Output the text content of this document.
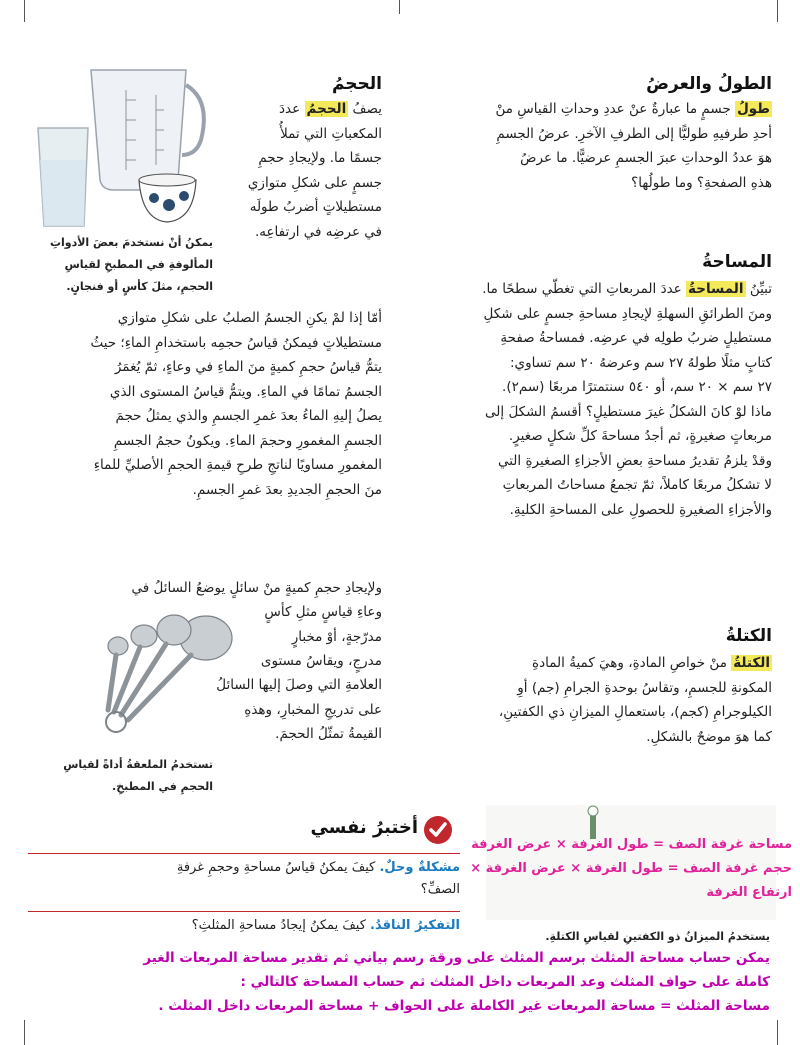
الطولُ والعرضُ
طولُ جسمٍ ما عبارةٌ عنْ عددِ وحداتِ القياسِ منْ
أحدِ طرفيهِ طوليًّا إلى الطرفِ الآخرِ. عرضُ الجسمِ
هوَ عددُ الوحداتِ عبرَ الجسمِ عرضيًّا. ما عرضُ
هذهِ الصفحةِ؟ وما طولُها؟
المساحةُ
تبيِّنُ المساحةُ عددَ المربعاتِ التي تغطّي سطحًا ما.
ومنَ الطرائقِ السهلةِ لإيجادِ مساحةِ جسمٍ على شكلِ
مستطيلٍ ضربُ طولِه في عرضِه. فمساحةُ صفحةِ
كتابٍ مثلًا طولهُ ٢٧ سم وعرضهُ ٢٠ سم تساوي:
٢٧ سم × ٢٠ سم، أو ٥٤٠ سنتمترًا مربعًا (سم٢).
ماذا لوْ كانَ الشكلُ غيرَ مستطيلٍ؟ أقسمُ الشكلَ إلى
مربعاتٍ صغيرةٍ، ثم أجدُ مساحةَ كلِّ شكلٍ صغيرٍ.
وقدْ يلزمُ تقديرُ مساحةِ بعضِ الأجزاءِ الصغيرةِ التي
لا تشكلُ مربعًا كاملاً، ثمّ تجمعُ مساحاتُ المربعاتِ
والأجزاءِ الصغيرةِ للحصولِ على المساحةِ الكليةِ.
الكتلةُ
الكتلةُ منْ خواصِ المادةِ، وهيَ كميةُ المادةِ
المكونةِ للجسمِ، وتقاسُ بوحدةِ الجرامِ (جم) أوِ
الكيلوجرامِ (كجم)، باستعمالِ الميزانِ ذي الكفتينِ،
كما هوَ موضحٌ بالشكلِ.
الحجمُ
يصفُ الحجمُ عددَ
المكعباتِ التي تملأُ
جسمًا ما. ولإيجادِ حجمِ
جسمٍ على شكلِ متوازي
مستطيلاتٍ أضربُ طولَه
في عرضِه في ارتفاعِه.
يمكنُ أنْ نستخدمَ بعضَ الأدواتِ
المألوفةِ في المطبخِ لقياسِ
الحجمِ، مثلَ كأسٍ أو فنجانٍ.
أمّا إذا لمْ يكنِ الجسمُ الصلبُ على شكلِ متوازي
مستطيلاتٍ فيمكنُ قياسُ حجمِه باستخدامِ الماءِ؛ حيثُ
يتمُّ قياسُ حجمِ كميةٍ منَ الماءِ في وعاءٍ، ثمّ يُغمَرُ
الجسمُ تمامًا في الماءِ. ويتمُّ قياسُ المستوى الذي
يصلُ إليهِ الماءُ بعدَ غمرِ الجسمِ والذي يمثلُ حجمَ
الجسمِ المغمورِ وحجمَ الماءِ. ويكونُ حجمُ الجسمِ
المغمورِ مساويًا لناتجِ طرحِ قيمةِ الحجمِ الأصليِّ للماءِ
منَ الحجمِ الجديدِ بعدَ غمرِ الجسمِ.
ولإيجادِ حجمِ كميةٍ منْ سائلٍ يوضعُ السائلُ في
وعاءِ قياسٍ مثلِ كأسٍ
مدرّجةٍ، أوْ مخبارٍ
مدرجٍ، ويقاسُ مستوى
العلامةِ التي وصلَ إليها السائلُ
على تدريجِ المخبارِ، وهذهِ
القيمةُ تمثّلُ الحجمَ.
تستخدمُ الملعقةُ أداةً لقياسِ
الحجمِ في المطبخِ.
أختبرُ نفسي
مشكلةٌ وحلٌ. كيفَ يمكنُ قياسُ مساحةِ وحجمِ غرفةِ
الصفِّ؟
التفكيرُ الناقدُ. كيفَ يمكنُ إيجادُ مساحةِ المثلثِ؟
يستخدمُ الميزانُ ذو الكفتينِ لقياسِ الكتلةِ.
مساحة غرفة الصف = طول الغرفة × عرض الغرفة
حجم غرفة الصف = طول الغرفة × عرض الغرفة ×
ارتفاع الغرفة
يمكن حساب مساحة المثلث برسم المثلث على ورقة رسم بياني ثم تقدير مساحة المربعات الغير
كاملة على حواف المثلث وعد المربعات داخل المثلث ثم حساب المساحة كالتالي :
مساحة المثلث = مساحة المربعات غير الكاملة على الحواف + مساحة المربعات داخل المثلث .
